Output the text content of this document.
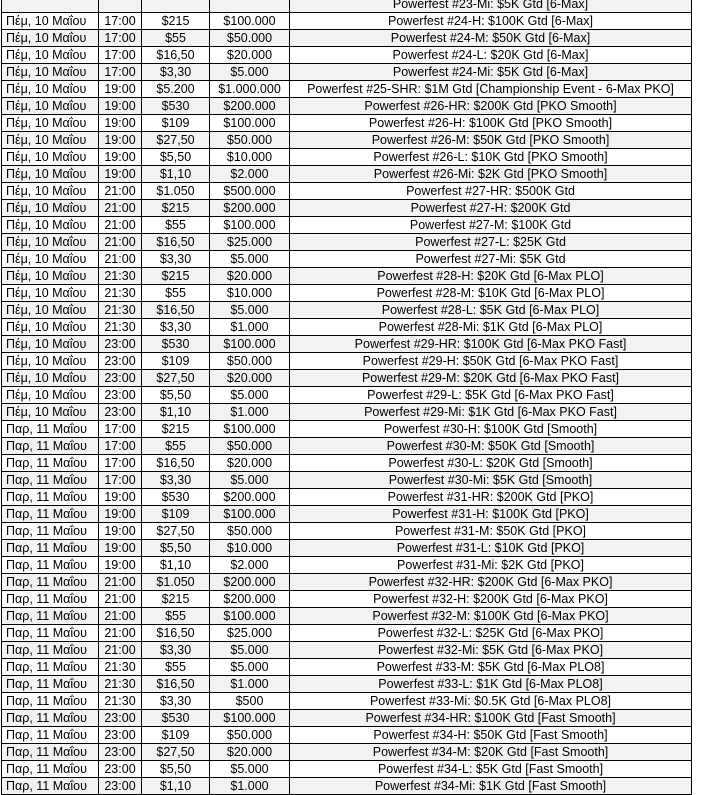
				Powerfest #23-Mi: $5K Gtd [6-Max]
Πέμ, 10 Μαΐου	17:00	$215	$100.000	Powerfest #24-H: $100K Gtd [6-Max]
Πέμ, 10 Μαΐου	17:00	$55	$50.000	Powerfest #24-M: $50K Gtd [6-Max]
Πέμ, 10 Μαΐου	17:00	$16,50	$20.000	Powerfest #24-L: $20K Gtd [6-Max]
Πέμ, 10 Μαΐου	17:00	$3,30	$5.000	Powerfest #24-Mi: $5K Gtd [6-Max]
Πέμ, 10 Μαΐου	19:00	$5.200	$1.000.000	Powerfest #25-SHR: $1M Gtd [Championship Event - 6-Max PKO]
Πέμ, 10 Μαΐου	19:00	$530	$200.000	Powerfest #26-HR: $200K Gtd [PKO Smooth]
Πέμ, 10 Μαΐου	19:00	$109	$100.000	Powerfest #26-H: $100K Gtd [PKO Smooth]
Πέμ, 10 Μαΐου	19:00	$27,50	$50.000	Powerfest #26-M: $50K Gtd [PKO Smooth]
Πέμ, 10 Μαΐου	19:00	$5,50	$10.000	Powerfest #26-L: $10K Gtd [PKO Smooth]
Πέμ, 10 Μαΐου	19:00	$1,10	$2.000	Powerfest #26-Mi: $2K Gtd [PKO Smooth]
Πέμ, 10 Μαΐου	21:00	$1.050	$500.000	Powerfest #27-HR: $500K Gtd
Πέμ, 10 Μαΐου	21:00	$215	$200.000	Powerfest #27-H: $200K Gtd
Πέμ, 10 Μαΐου	21:00	$55	$100.000	Powerfest #27-M: $100K Gtd
Πέμ, 10 Μαΐου	21:00	$16,50	$25.000	Powerfest #27-L: $25K Gtd
Πέμ, 10 Μαΐου	21:00	$3,30	$5.000	Powerfest #27-Mi: $5K Gtd
Πέμ, 10 Μαΐου	21:30	$215	$20.000	Powerfest #28-H: $20K Gtd [6-Max PLO]
Πέμ, 10 Μαΐου	21:30	$55	$10.000	Powerfest #28-M: $10K Gtd [6-Max PLO]
Πέμ, 10 Μαΐου	21:30	$16,50	$5.000	Powerfest #28-L: $5K Gtd [6-Max PLO]
Πέμ, 10 Μαΐου	21:30	$3,30	$1.000	Powerfest #28-Mi: $1K Gtd [6-Max PLO]
Πέμ, 10 Μαΐου	23:00	$530	$100.000	Powerfest #29-HR: $100K Gtd [6-Max PKO Fast]
Πέμ, 10 Μαΐου	23:00	$109	$50.000	Powerfest #29-H: $50K Gtd [6-Max PKO Fast]
Πέμ, 10 Μαΐου	23:00	$27,50	$20.000	Powerfest #29-M: $20K Gtd [6-Max PKO Fast]
Πέμ, 10 Μαΐου	23:00	$5,50	$5.000	Powerfest #29-L: $5K Gtd [6-Max PKO Fast]
Πέμ, 10 Μαΐου	23:00	$1,10	$1.000	Powerfest #29-Mi: $1K Gtd [6-Max PKO Fast]
Παρ, 11 Μαΐου	17:00	$215	$100.000	Powerfest #30-H: $100K Gtd [Smooth]
Παρ, 11 Μαΐου	17:00	$55	$50.000	Powerfest #30-M: $50K Gtd [Smooth]
Παρ, 11 Μαΐου	17:00	$16,50	$20.000	Powerfest #30-L: $20K Gtd [Smooth]
Παρ, 11 Μαΐου	17:00	$3,30	$5.000	Powerfest #30-Mi: $5K Gtd [Smooth]
Παρ, 11 Μαΐου	19:00	$530	$200.000	Powerfest #31-HR: $200K Gtd [PKO]
Παρ, 11 Μαΐου	19:00	$109	$100.000	Powerfest #31-H: $100K Gtd [PKO]
Παρ, 11 Μαΐου	19:00	$27,50	$50.000	Powerfest #31-M: $50K Gtd [PKO]
Παρ, 11 Μαΐου	19:00	$5,50	$10.000	Powerfest #31-L: $10K Gtd [PKO]
Παρ, 11 Μαΐου	19:00	$1,10	$2.000	Powerfest #31-Mi: $2K Gtd [PKO]
Παρ, 11 Μαΐου	21:00	$1.050	$200.000	Powerfest #32-HR: $200K Gtd [6-Max PKO]
Παρ, 11 Μαΐου	21:00	$215	$200.000	Powerfest #32-H: $200K Gtd [6-Max PKO]
Παρ, 11 Μαΐου	21:00	$55	$100.000	Powerfest #32-M: $100K Gtd [6-Max PKO]
Παρ, 11 Μαΐου	21:00	$16,50	$25.000	Powerfest #32-L: $25K Gtd [6-Max PKO]
Παρ, 11 Μαΐου	21:00	$3,30	$5.000	Powerfest #32-Mi: $5K Gtd [6-Max PKO]
Παρ, 11 Μαΐου	21:30	$55	$5.000	Powerfest #33-M: $5K Gtd [6-Max PLO8]
Παρ, 11 Μαΐου	21:30	$16,50	$1.000	Powerfest #33-L: $1K Gtd [6-Max PLO8]
Παρ, 11 Μαΐου	21:30	$3,30	$500	Powerfest #33-Mi: $0.5K Gtd [6-Max PLO8]
Παρ, 11 Μαΐου	23:00	$530	$100.000	Powerfest #34-HR: $100K Gtd [Fast Smooth]
Παρ, 11 Μαΐου	23:00	$109	$50.000	Powerfest #34-H: $50K Gtd [Fast Smooth]
Παρ, 11 Μαΐου	23:00	$27,50	$20.000	Powerfest #34-M: $20K Gtd [Fast Smooth]
Παρ, 11 Μαΐου	23:00	$5,50	$5.000	Powerfest #34-L: $5K Gtd [Fast Smooth]
Παρ, 11 Μαΐου	23:00	$1,10	$1.000	Powerfest #34-Mi: $1K Gtd [Fast Smooth]
